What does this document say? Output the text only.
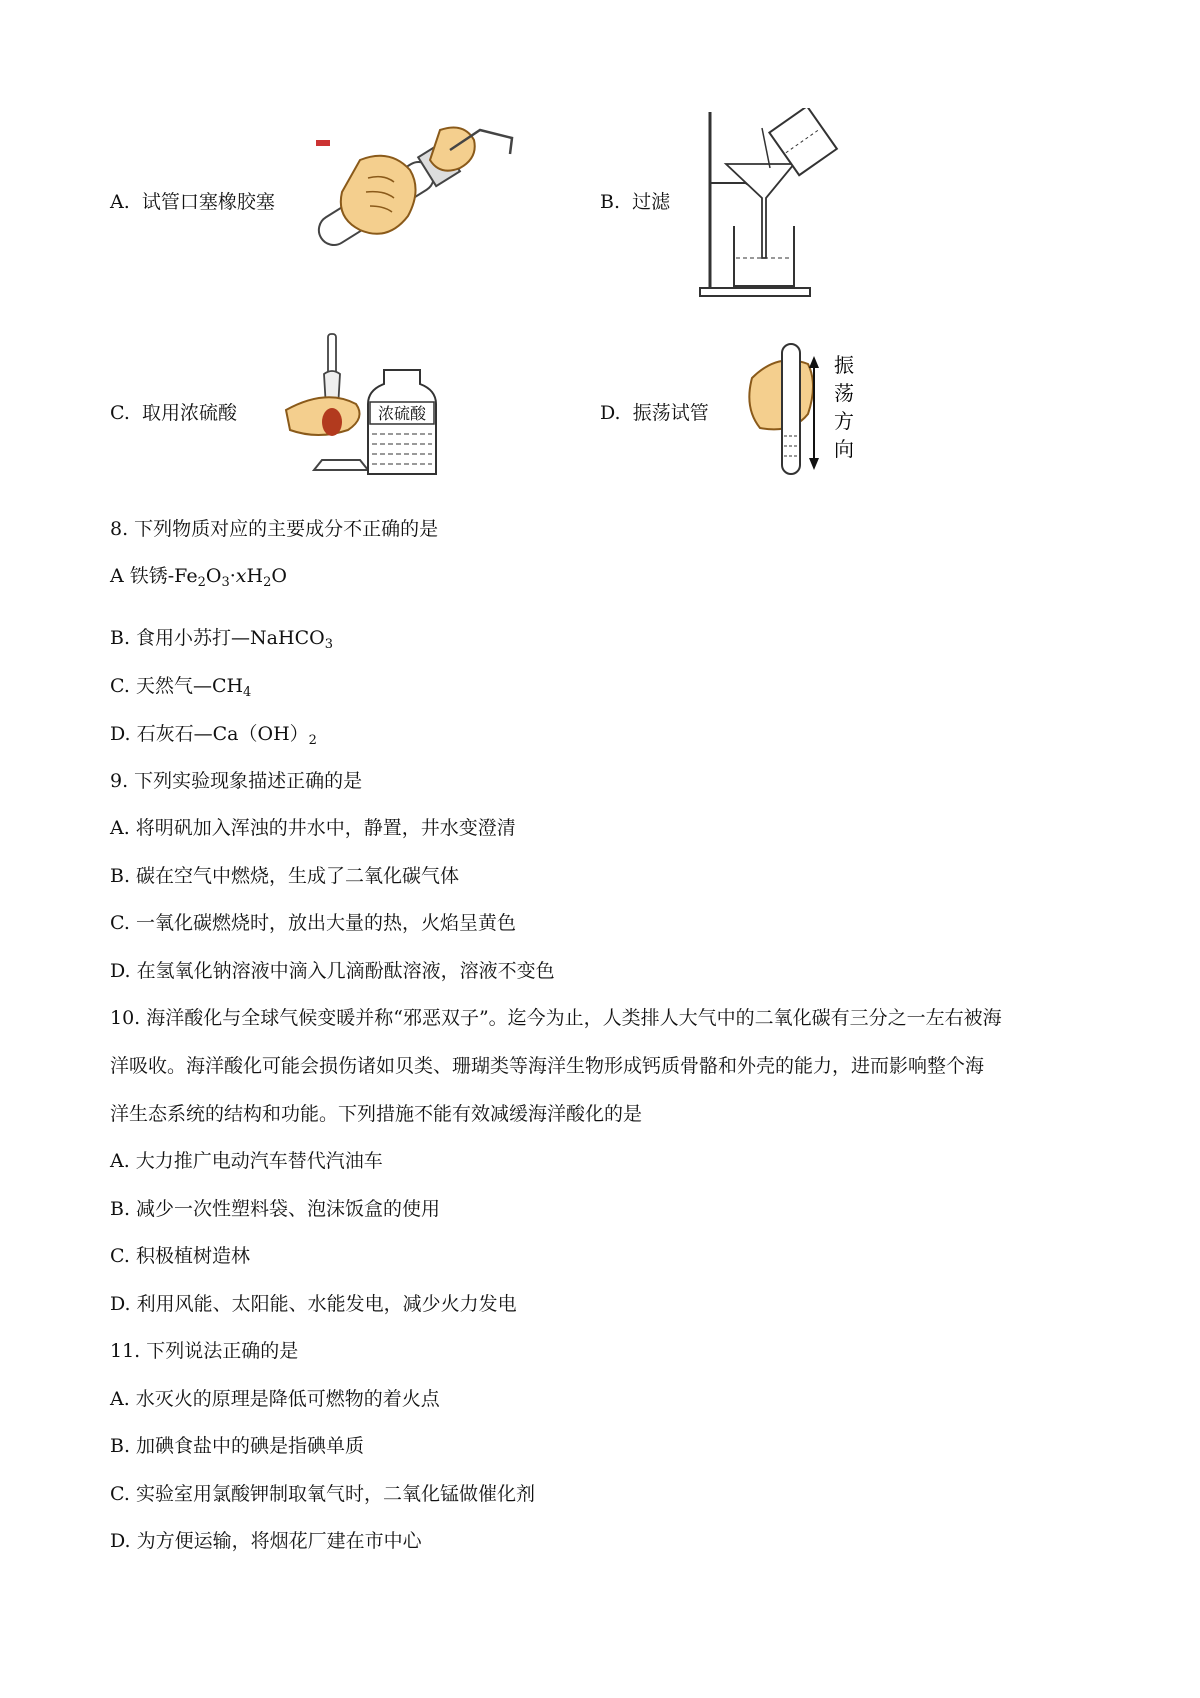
A. 试管口塞橡胶塞	B. 过滤
C. 取用浓硫酸	浓硫酸	D. 振荡试管
振
荡
方
向
8. 下列物质对应的主要成分不正确的是
A 铁锈$-Fe_2O_3\cdot xH_2O$
B. 食用小苏打—NaHCO$_3$
C. 天然气$—CH_4$
D. 石灰石$—Ca(OH)_2$
9. 下列实验现象描述正确的是
A. 将明矾加入浑浊的井水中，静置，井水变澄清
B. 碳在空气中燃烧，生成了二氧化碳气体
C. 一氧化碳燃烧时，放出大量的热，火焰呈黄色
D. 在氢氧化钠溶液中滴入几滴酚酞溶液，溶液不变色
10. 海洋酸化与全球气候变暖并称“邪恶双子”。迄今为止，人类排人大气中的二氧化碳有三分之一左右被海
洋吸收。海洋酸化可能会损伤诸如贝类、珊瑚类等海洋生物形成钙质骨骼和外壳的能力，进而影响整个海
洋生态系统的结构和功能。下列措施不能有效减缓海洋酸化的是
A. 大力推广电动汽车替代汽油车
B. 减少一次性塑料袋、泡沫饭盒的使用
C. 积极植树造林
D. 利用风能、太阳能、水能发电，减少火力发电
11. 下列说法正确的是
A. 水灭火的原理是降低可燃物的着火点
B. 加碘食盐中的碘是指碘单质
C. 实验室用氯酸钾制取氧气时，二氧化锰做催化剂
D. 为方便运输，将烟花厂建在市中心
